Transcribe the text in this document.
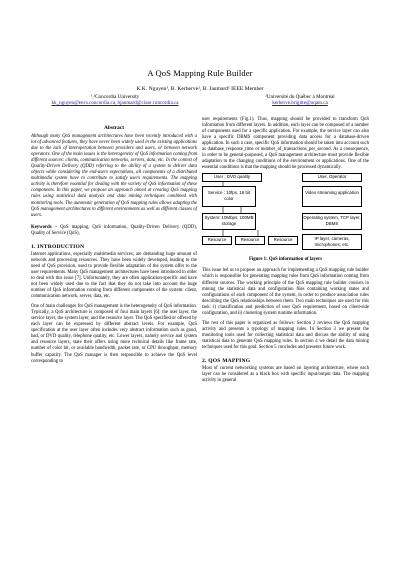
A QoS Mapping Rule Builder
K.K. Nguyen¹, B. Kerherve², B. Jaumard¹ IEEE Member
¹,²Concordia University
kk_nguyen@encs.concordia.ca, bjaumard@cisse.concordia.ca
²Université du Québec à Montréal
kerherve.brigitte@uqam.ca
Abstract

Although many QoS management architectures have been recently introduced with a lot of advanced features, they have never been widely used in the existing applications due to the lack of interoperation between providers and users, or between network operators. One of the main issues is the heterogeneity of QoS information coming from different sources: clients, communication networks, servers, data, etc. In the context of Quality-Driven Delivery (QDD) referring to the ability of a system to deliver data objects while considering the end-users expectations, all components of a distributed multimedia system have to contribute to satisfy users requirements. The mapping activity is therefore essential for dealing with the variety of QoS information of these components. In this paper, we propose an approach aimed at creating QoS mapping rules using statistical data analysis and data mining techniques combined with monitoring tools. The automatic generation of QoS mapping rules allows adapting the QoS management architectures to different environments as well as different classes of users.

Keywords – QoS mapping, QoS information, Quality-Driven Delivery (QDD), Quality of Service (QoS),

1. INTRODUCTION

Internet applications, especially multimedia services, are demanding huge amount of network and processing resources. They have been widely developed, leading to the need of QoS provision, used to provide flexible adaptation of the system offer to the user requirements. Many QoS management architectures have been introduced in order to deal with this issue [7]. Unfortunately, they are often application-specific and have not been widely used due to the fact that they do not take into account the huge number of QoS information coming from different components of the system: client, communication network, server, data, etc.

One of main challenges for QoS management is the heterogeneity of QoS information. Typically, a QoS architecture is composed of four main layers [6]: the user layer, the service layer, the system layer, and the resource layer. The QoS specified or offered by each layer can be expressed by different abstract levels. For example, QoS specification at the user layer often includes very abstract information such as good, bad, or DVD quality, telephone quality, etc. Lower layers, namely service and system and resource layers, state their offers using more technical details like frame rate, number of color bit, or available bandwidth, packet rate, or CPU throughput, memory buffer capacity. The QoS manager is then responsible to achieve the QoS level corresponding to

user requirements (Fig.1). Thus, mapping should be provided to transform QoS information from different layers. In addition, each layer can be composed of a number of components used for a specific application. For example, the service layer can also have a specific DBMS component providing data access for a database-driven application. In such a case, specific QoS information should be taken into account such as database_response_time or number_of_transactions_per_second. As a consequence, in order to be general-purposed, a QoS management architecture must provide flexible adaptation to the changing conditions of the environment or applications. One of the essential conditions is that the mapping should be processed dynamically.

User : DVD quality	User, Operator
Service : 10fps, 16 bit color
Video streaming application
System: 10Mbps, 100MB storage
Operating system, TCP layer, DBMS
Resource	Resource	Resource	IP layer, cameras, microphones, etc.
Figure 1: QoS information of layers

This issue led us to propose an approach for implementing a QoS mapping rule builder which is responsible for generating mapping rules from QoS information coming from different sources. The working principle of the QoS mapping rule builder consists in mining the statistical data and configuration files containing working states and configurations of each component of the system, in order to produce association rules describing the QoS relationships between them. Two main techniques are used for this task: i) classification and prediction of user QoS requirement, based on client-side configuration, and ii) clustering system runtime information.

The rest of this paper is organized as follows: Section 2 reviews the QoS mapping activity and presents a typology of mapping rules. In Section 3 we present the monitoring tools used for collecting statistical data and discuss the ability of using statistical data to generate QoS mapping rules. In section 4 we detail the data mining techniques used for this goal. Section 5 concludes and presents future work.

2. QOS MAPPING

Most of current networking systems are based on layering architecture, where each layer can be considered as a black box with specific input/output data. The mapping activity in general
